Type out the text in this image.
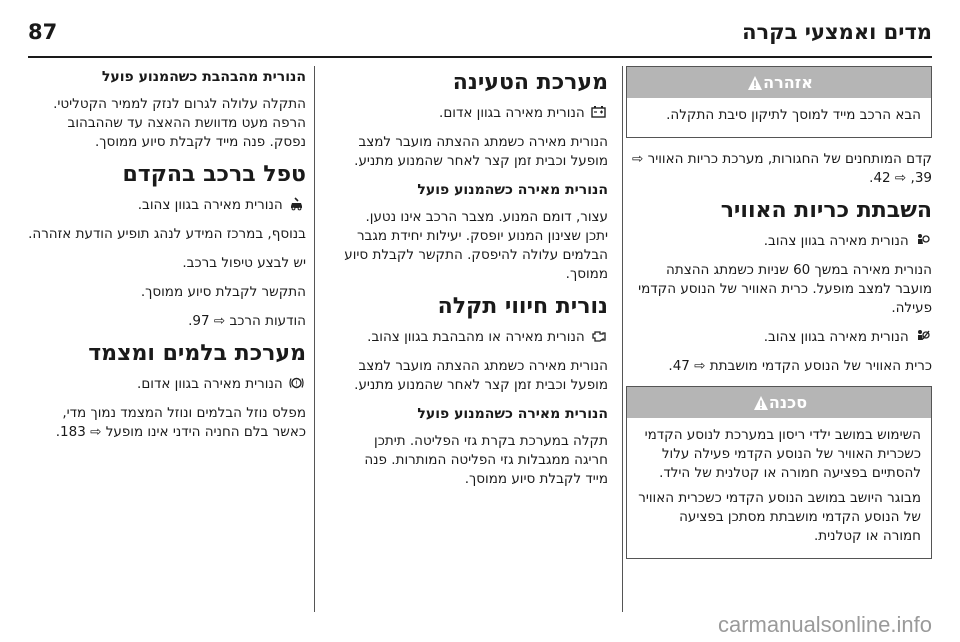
87	מדים ואמצעי בקרה
אזהרה

הבא הרכב מייד למוסך לתיקון סיבת התקלה.

קדם המותחנים של החגורות, מערכת כריות האוויר ⇨ 39, ⇨ 42.

השבתת כריות האוויר

הנורית מאירה בגוון צהוב.

הנורית מאירה במשך 60 שניות כשמתג ההצתה מועבר למצב מופעל. כרית האוויר של הנוסע הקדמי פעילה.

הנורית מאירה בגוון צהוב.

כרית האוויר של הנוסע הקדמי מושבתת ⇨ 47.

סכנה

השימוש במושב ילדי ריסון במערכת לנוסע הקדמי כשכרית האוויר של הנוסע הקדמי פעילה עלול להסתיים בפציעה חמורה או קטלנית של הילד.

מבוגר היושב במושב הנוסע הקדמי כשכרית האוויר של הנוסע הקדמי מושבתת מסתכן בפציעה חמורה או קטלנית.

מערכת הטעינה

הנורית מאירה בגוון אדום.

הנורית מאירה כשמתג ההצתה מועבר למצב מופעל וכבית זמן קצר לאחר שהמנוע מתניע.

הנורית מאירה כשהמנוע פועל

עצור, דומם המנוע. מצבר הרכב אינו נטען. יתכן שצינון המנוע יופסק. יעילות יחידת מגבר הבלמים עלולה להיפסק. התקשר לקבלת סיוע ממוסך.

נורית חיווי תקלה

הנורית מאירה או מהבהבת בגוון צהוב.

הנורית מאירה כשמתג ההצתה מועבר למצב מופעל וכבית זמן קצר לאחר שהמנוע מתניע.

הנורית מאירה כשהמנוע פועל

תקלה במערכת בקרת גזי הפליטה. תיתכן חריגה ממגבלות גזי הפליטה המותרות. פנה מייד לקבלת סיוע ממוסך.

הנורית מהבהבת כשהמנוע פועל

התקלה עלולה לגרום לנזק לממיר הקטליטי. הרפה מעט מדוושת ההאצה עד שההבהוב נפסק. פנה מייד לקבלת סיוע ממוסך.

טפל ברכב בהקדם

הנורית מאירה בגוון צהוב.

בנוסף, במרכז המידע לנהג תופיע הודעת אזהרה.

יש לבצע טיפול ברכב.

התקשר לקבלת סיוע ממוסך.

הודעות הרכב ⇨ 97.

מערכת בלמים ומצמד

!
הנורית מאירה בגוון אדום.

מפלס נוזל הבלמים ונוזל המצמד נמוך מדי, כאשר בלם החניה הידני אינו מופעל ⇨ 183.

carmanualsonline.info
